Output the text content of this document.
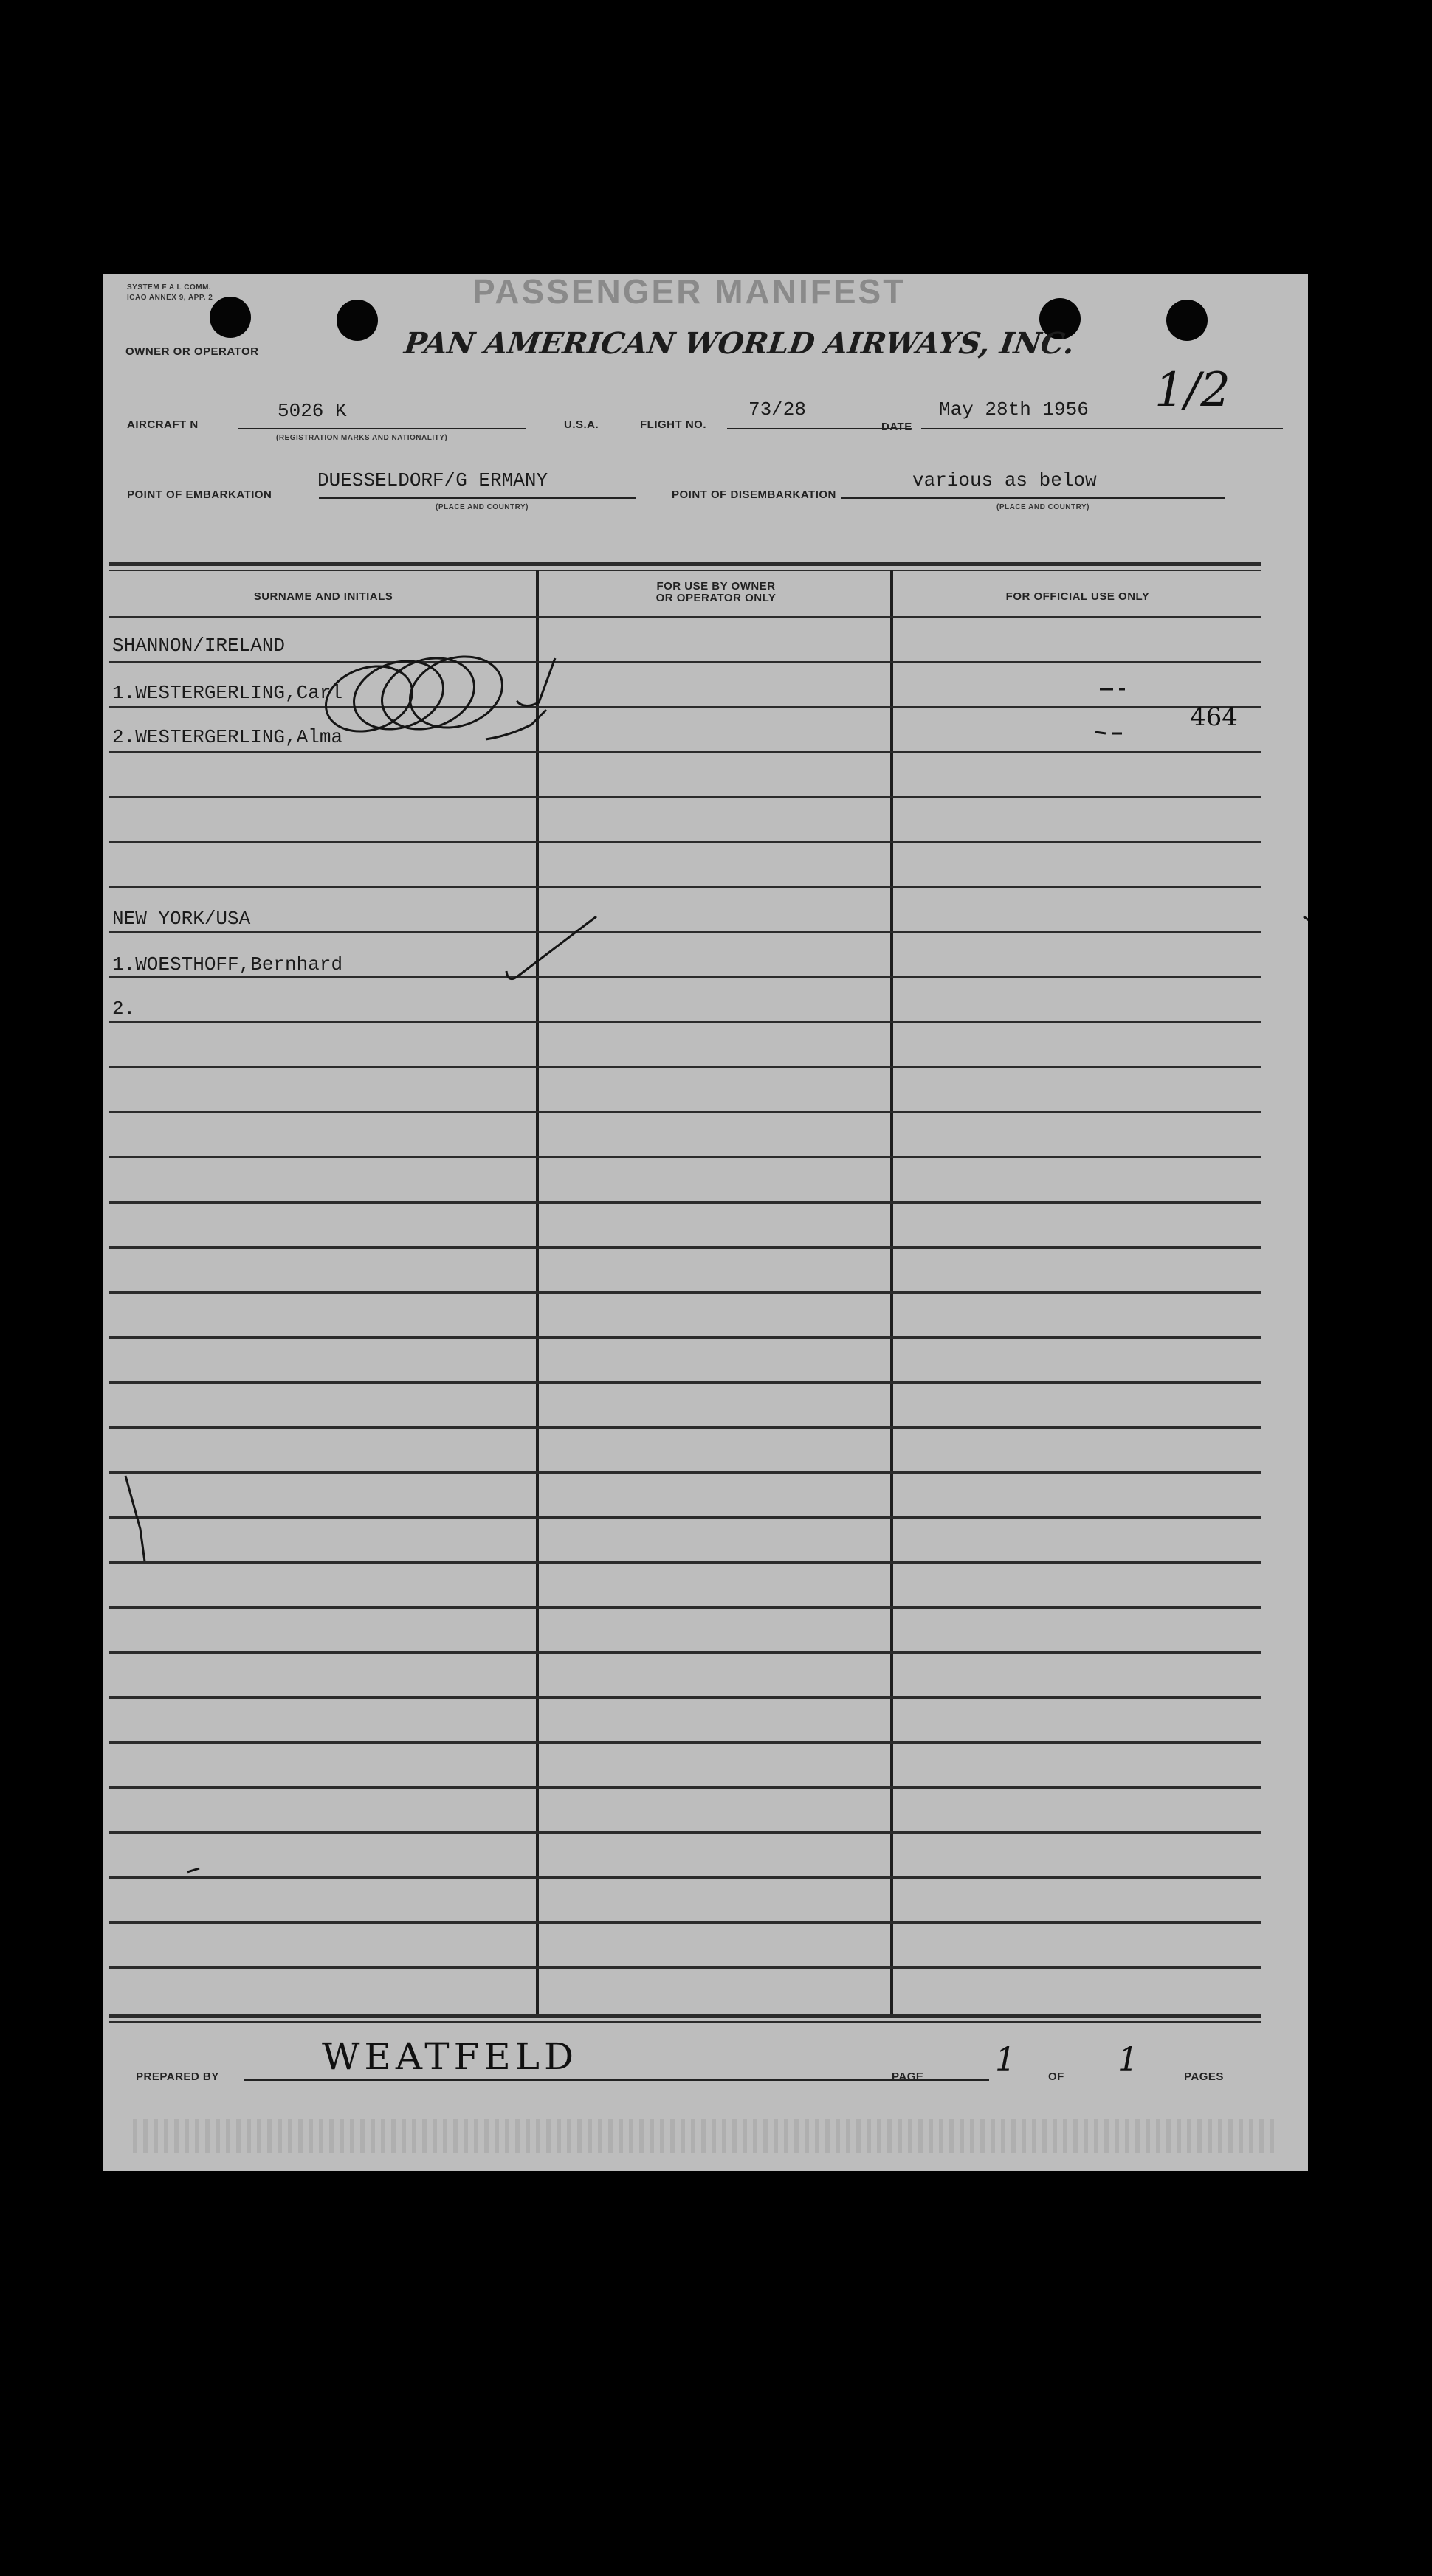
SYSTEM F A L COMM.
ICAO ANNEX 9, APP. 2	PASSENGER MANIFEST
OWNER OR OPERATOR	PAN AMERICAN WORLD AIRWAYS, INC.
AIRCRAFT N
5026 K
(REGISTRATION MARKS AND NATIONALITY)
U.S.A.	FLIGHT NO.
73/28
DATE
May 28th 1956 1/2
POINT OF EMBARKATION
DUESSELDORF/G ERMANY
(PLACE AND COUNTRY)
POINT OF DISEMBARKATION
various as below
(PLACE AND COUNTRY)
SURNAME AND INITIALS
FOR USE BY OWNER
OR OPERATOR ONLY	FOR OFFICIAL USE ONLY
SHANNON/IRELAND
1.WESTERGERLING,Carl
2.WESTERGERLING,Alma
464
NEW YORK/USA
1.WOESTHOFF,Bernhard
2.
PREPARED BY	WEATFELD	PAGE 1	OF 1	PAGES
